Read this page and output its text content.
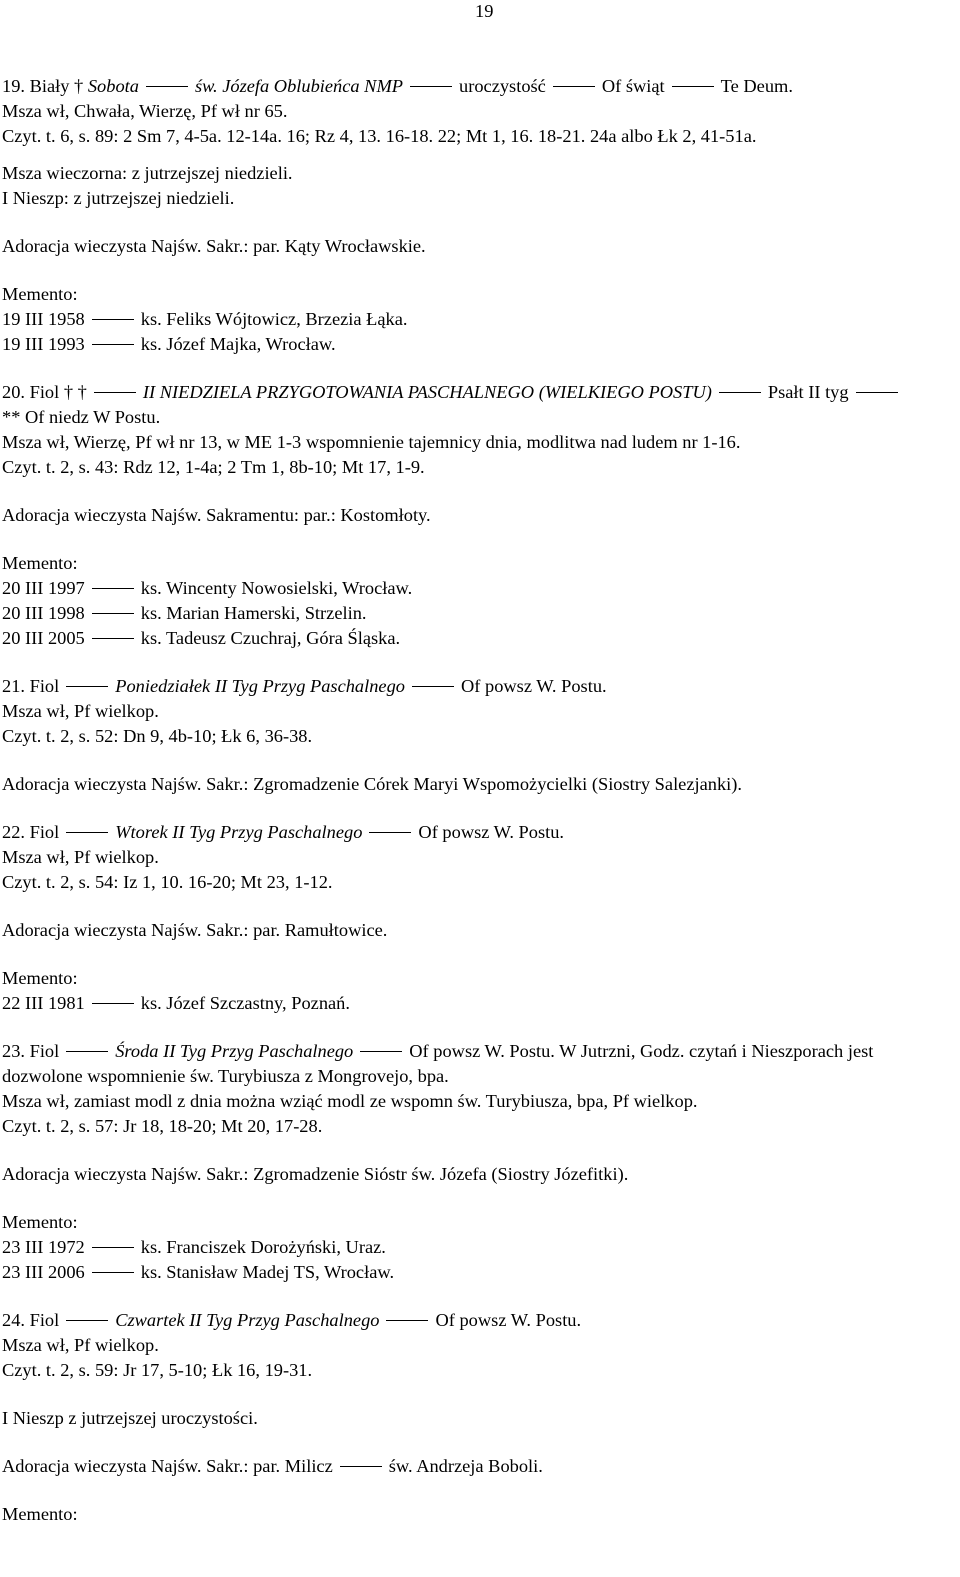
19
19. Biały † Sobota	św. Józefa Oblubieńca NMP	uroczystość	Of świąt	Te Deum.
Msza wł, Chwała, Wierzę, Pf wł nr 65.
Czyt. t. 6, s. 89: 2 Sm 7, 4-5a. 12-14a. 16; Rz 4, 13. 16-18. 22; Mt 1, 16. 18-21. 24a albo Łk 2, 41-51a.
Msza wieczorna: z jutrzejszej niedzieli.
I Nieszp: z jutrzejszej niedzieli.
Adoracja wieczysta Najśw. Sakr.: par. Kąty Wrocławskie.
Memento:
19 III 1958	ks. Feliks Wójtowicz, Brzezia Łąka.
19 III 1993	ks. Józef Majka, Wrocław.
20. Fiol † †	II NIEDZIELA PRZYGOTOWANIA PASCHALNEGO (WIELKIEGO POSTU)	Psałt II tyg
** Of niedz W Postu.
Msza wł, Wierzę, Pf wł nr 13, w ME 1-3 wspomnienie tajemnicy dnia, modlitwa nad ludem nr 1-16.
Czyt. t. 2, s. 43: Rdz 12, 1-4a; 2 Tm 1, 8b-10; Mt 17, 1-9.
Adoracja wieczysta Najśw. Sakramentu: par.: Kostomłoty.
Memento:
20 III 1997	ks. Wincenty Nowosielski, Wrocław.
20 III 1998	ks. Marian Hamerski, Strzelin.
20 III 2005	ks. Tadeusz Czuchraj, Góra Śląska.
21. Fiol	Poniedziałek II Tyg Przyg Paschalnego	Of powsz W. Postu.
Msza wł, Pf wielkop.
Czyt. t. 2, s. 52: Dn 9, 4b-10; Łk 6, 36-38.
Adoracja wieczysta Najśw. Sakr.: Zgromadzenie Córek Maryi Wspomożycielki (Siostry Salezjanki).
22. Fiol	Wtorek II Tyg Przyg Paschalnego	Of powsz W. Postu.
Msza wł, Pf wielkop.
Czyt. t. 2, s. 54: Iz 1, 10. 16-20; Mt 23, 1-12.
Adoracja wieczysta Najśw. Sakr.: par. Ramułtowice.
Memento:
22 III 1981	ks. Józef Szczastny, Poznań.
23. Fiol	Środa II Tyg Przyg Paschalnego	Of powsz W. Postu. W Jutrzni, Godz. czytań i Nieszporach jest dozwolone wspomnienie św. Turybiusza z Mongrovejo, bpa.
Msza wł, zamiast modl z dnia można wziąć modl ze wspomn św. Turybiusza, bpa, Pf wielkop.
Czyt. t. 2, s. 57: Jr 18, 18-20; Mt 20, 17-28.
Adoracja wieczysta Najśw. Sakr.: Zgromadzenie Sióstr św. Józefa (Siostry Józefitki).
Memento:
23 III 1972	ks. Franciszek Dorożyński, Uraz.
23 III 2006	ks. Stanisław Madej TS, Wrocław.
24. Fiol	Czwartek II Tyg Przyg Paschalnego	Of powsz W. Postu.
Msza wł, Pf wielkop.
Czyt. t. 2, s. 59: Jr 17, 5-10; Łk 16, 19-31.
I Nieszp z jutrzejszej uroczystości.
Adoracja wieczysta Najśw. Sakr.: par. Milicz	św. Andrzeja Boboli.
Memento:
